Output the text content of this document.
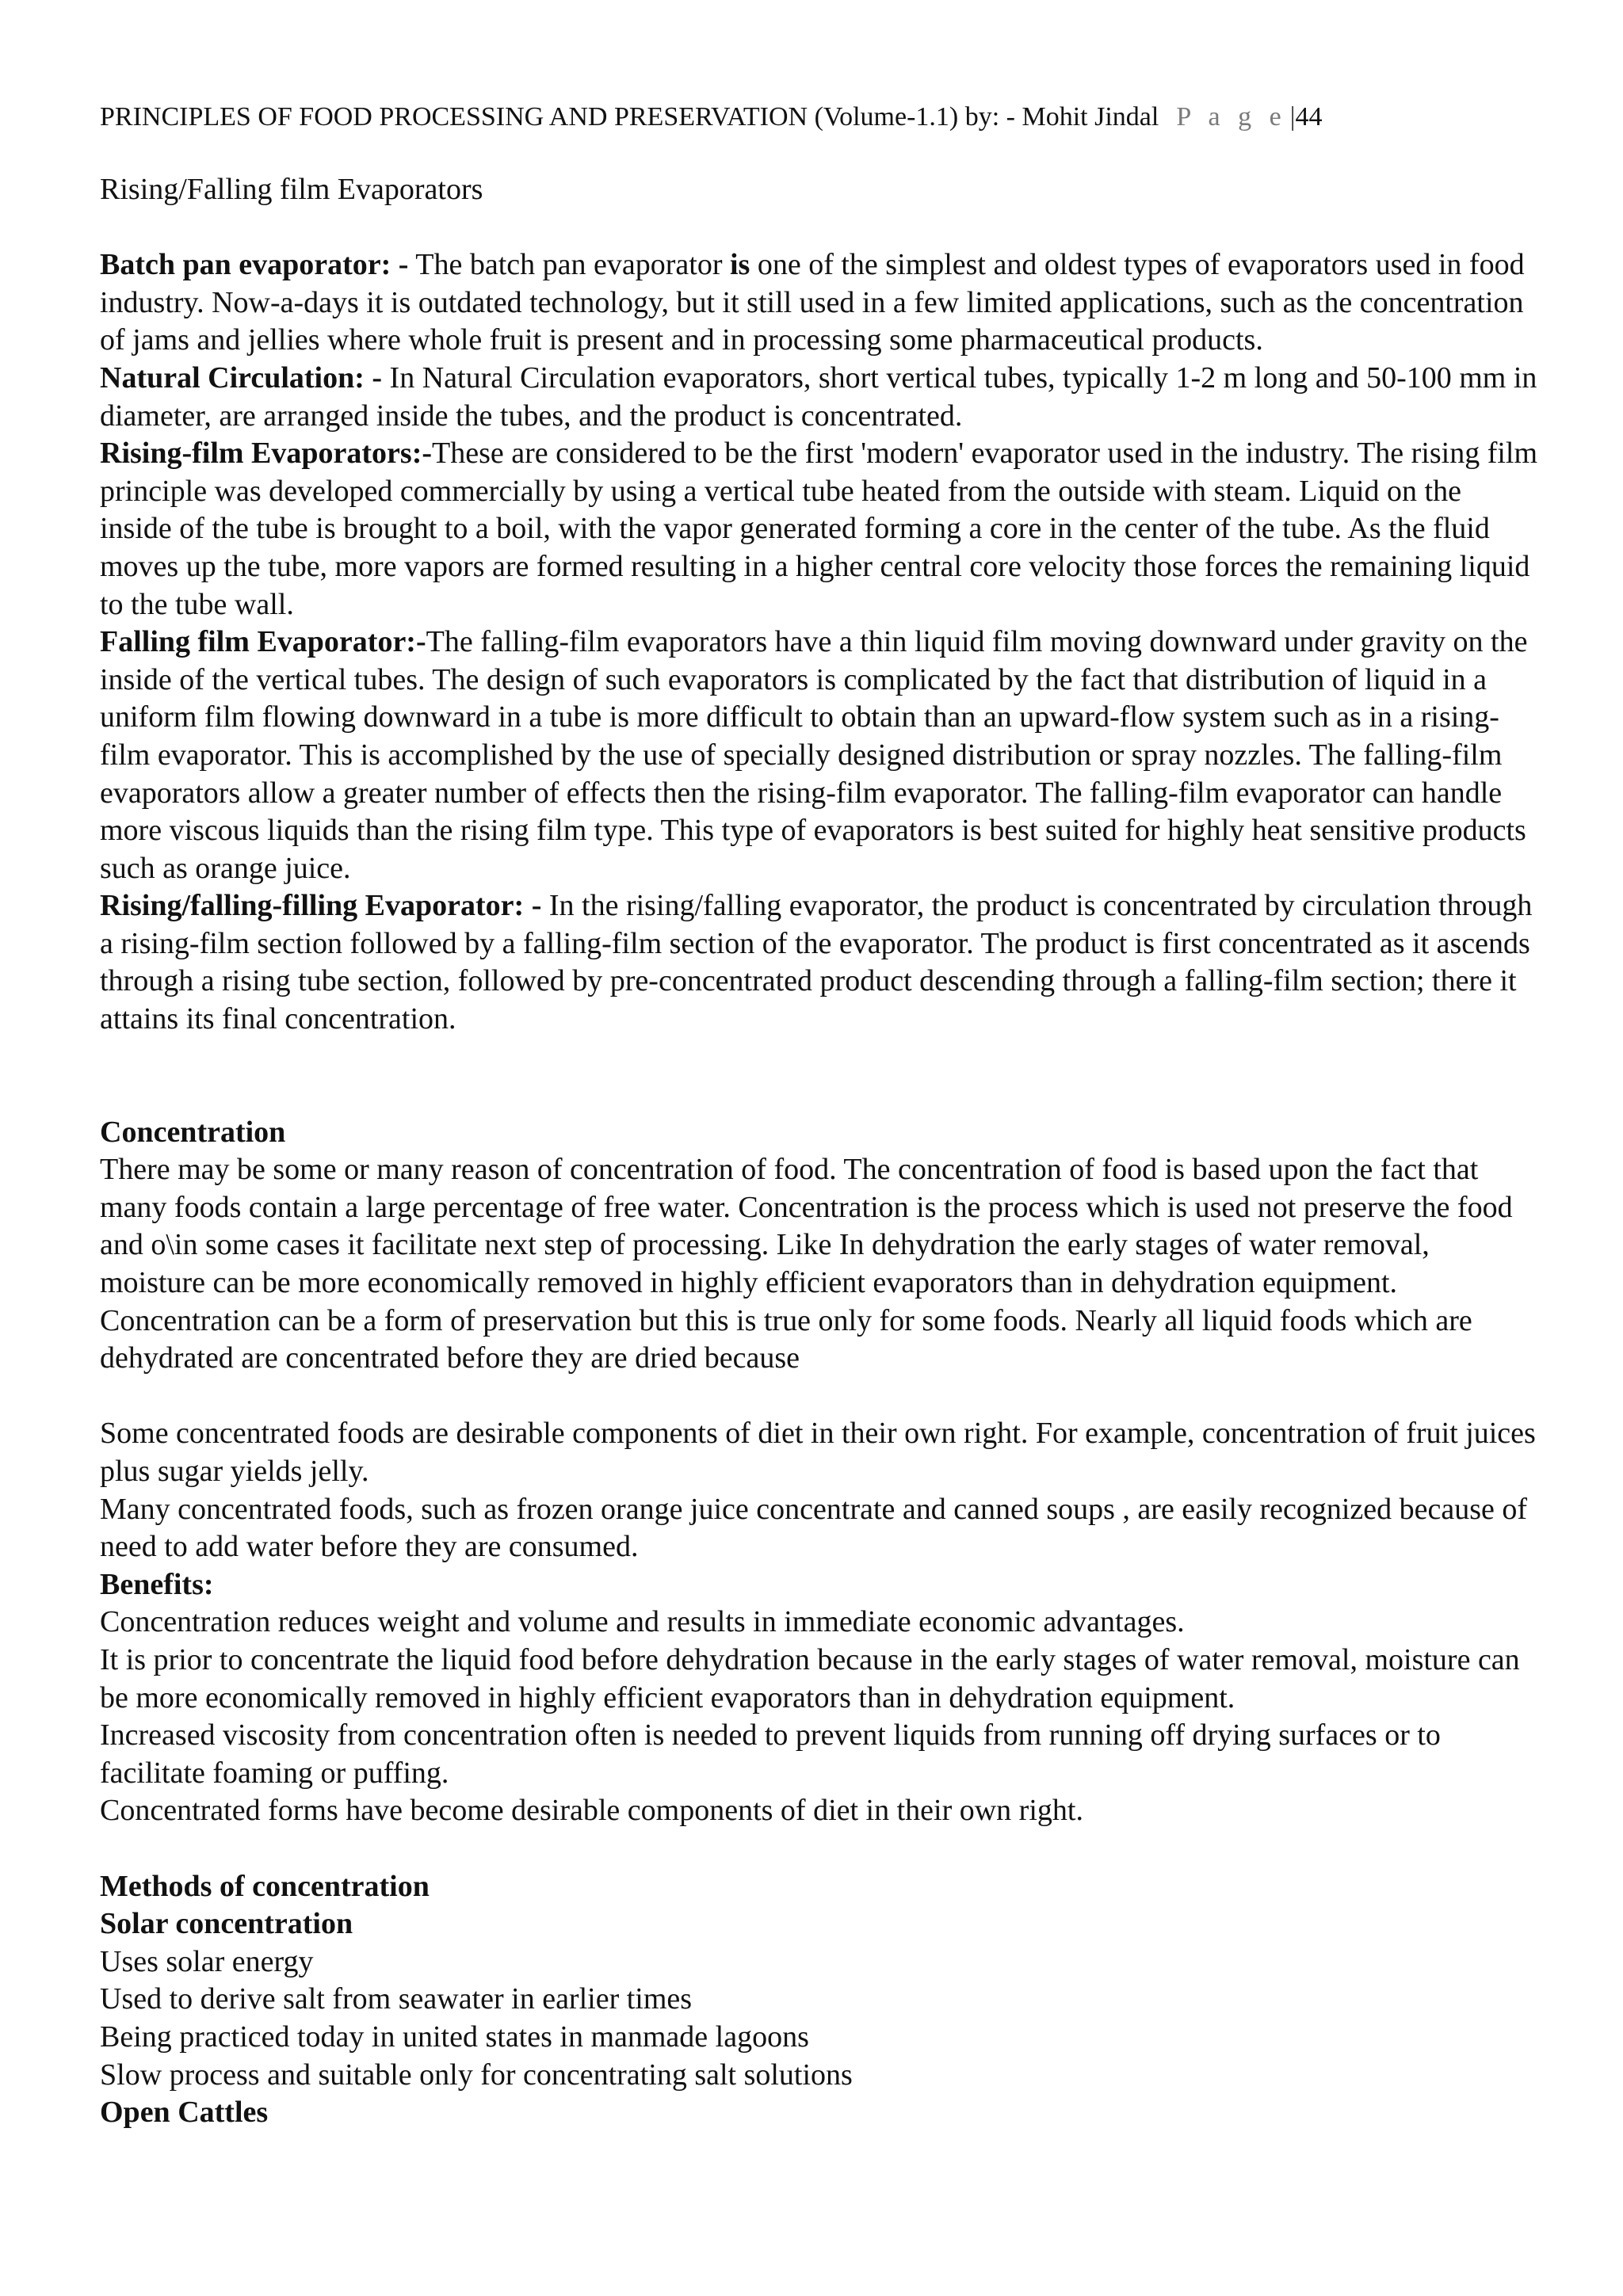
PRINCIPLES OF FOOD PROCESSING AND PRESERVATION (Volume-1.1) by: - Mohit Jindal P a g e |44

Rising/Falling film Evaporators

Batch pan evaporator: - The batch pan evaporator is one of the simplest and oldest types of evaporators used in food industry. Now-a-days it is outdated technology, but it still used in a few limited applications, such as the concentration of jams and jellies where whole fruit is present and in processing some pharmaceutical products.

Natural Circulation: - In Natural Circulation evaporators, short vertical tubes, typically 1-2 m long and 50-100 mm in diameter, are arranged inside the tubes, and the product is concentrated.

Rising-film Evaporators:-These are considered to be the first 'modern' evaporator used in the industry. The rising film principle was developed commercially by using a vertical tube heated from the outside with steam. Liquid on the inside of the tube is brought to a boil, with the vapor generated forming a core in the center of the tube. As the fluid moves up the tube, more vapors are formed resulting in a higher central core velocity those forces the remaining liquid to the tube wall.

Falling film Evaporator:-The falling-film evaporators have a thin liquid film moving downward under gravity on the inside of the vertical tubes. The design of such evaporators is complicated by the fact that distribution of liquid in a uniform film flowing downward in a tube is more difficult to obtain than an upward-flow system such as in a rising- film evaporator. This is accomplished by the use of specially designed distribution or spray nozzles. The falling-film evaporators allow a greater number of effects then the rising-film evaporator. The falling-film evaporator can handle more viscous liquids than the rising film type. This type of evaporators is best suited for highly heat sensitive products such as orange juice.

Rising/falling-filling Evaporator: - In the rising/falling evaporator, the product is concentrated by circulation through a rising-film section followed by a falling-film section of the evaporator. The product is first concentrated as it ascends through a rising tube section, followed by pre-concentrated product descending through a falling-film section; there it attains its final concentration.

Concentration

There may be some or many reason of concentration of food. The concentration of food is based upon the fact that many foods contain a large percentage of free water. Concentration is the process which is used not preserve the food and o\in some cases it facilitate next step of processing. Like In dehydration the early stages of water removal, moisture can be more economically removed in highly efficient evaporators than in dehydration equipment. Concentration can be a form of preservation but this is true only for some foods. Nearly all liquid foods which are dehydrated are concentrated before they are dried because

Some concentrated foods are desirable components of diet in their own right. For example, concentration of fruit juices plus sugar yields jelly.

Many concentrated foods, such as frozen orange juice concentrate and canned soups , are easily recognized because of need to add water before they are consumed.

Benefits:

Concentration reduces weight and volume and results in immediate economic advantages.

It is prior to concentrate the liquid food before dehydration because in the early stages of water removal, moisture can be more economically removed in highly efficient evaporators than in dehydration equipment.

Increased viscosity from concentration often is needed to prevent liquids from running off drying surfaces or to facilitate foaming or puffing.

Concentrated forms have become desirable components of diet in their own right.

Methods of concentration

Solar concentration

Uses solar energy

Used to derive salt from seawater in earlier times

Being practiced today in united states in manmade lagoons

Slow process and suitable only for concentrating salt solutions

Open Cattles
